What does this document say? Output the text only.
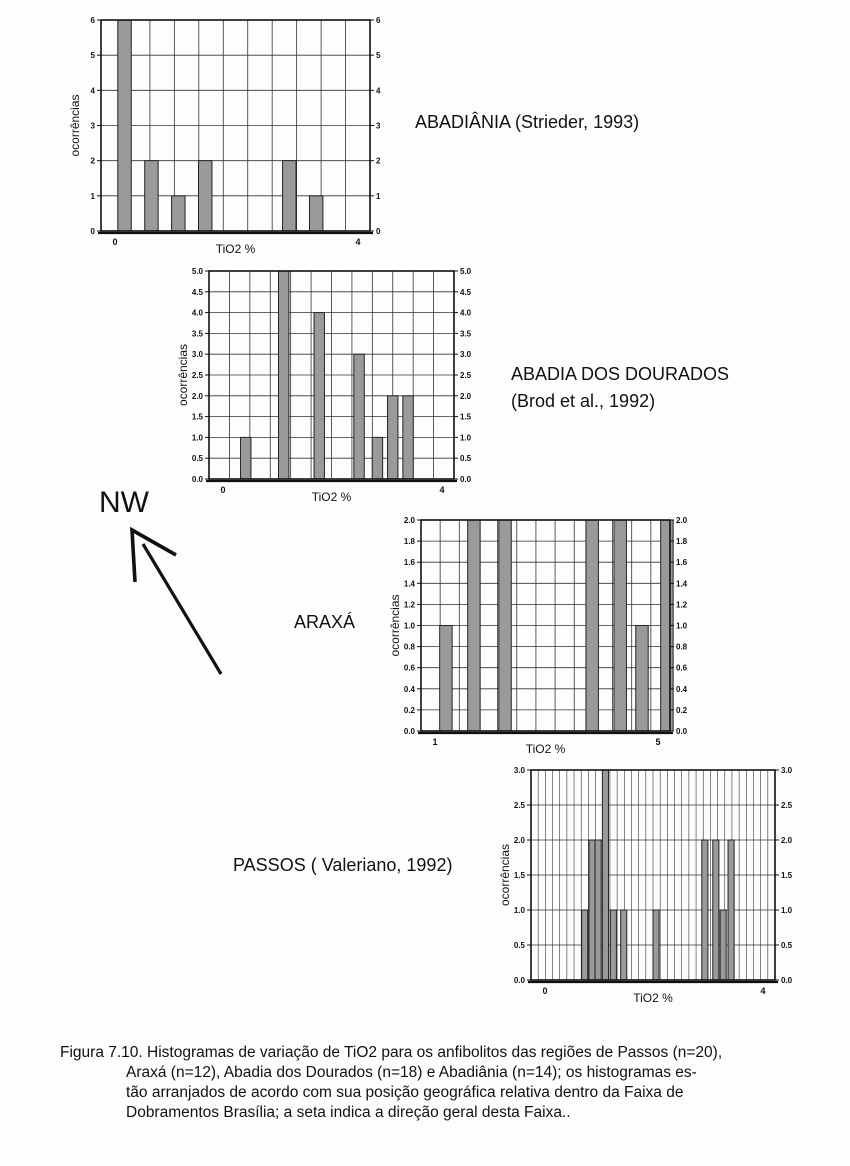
0	0
1	1
2	2
3	3
4	4
5	5
6	6
0	4
TiO2 %
ocorrências	ABADIÂNIA (Strieder, 1993)
0.0	0.0
0.5	0.5
1.0	1.0
1.5	1.5
2.0	2.0
2.5	2.5
3.0	3.0
3.5	3.5
4.0	4.0
4.5	4.5
5.0	5.0
0	4
TiO2 %
ocorrências	ABADIA DOS DOURADOS
(Brod et al., 1992)
0.0	0.0
0.2	0.2
0.4	0.4
0.6	0.6
0.8	0.8
1.0	1.0
1.2	1.2
1.4	1.4
1.6	1.6
1.8	1.8
2.0	2.0
1	5
TiO2 %
ocorrências
ARAXÁ
0.0	0.0
0.5	0.5
1.0	1.0
1.5	1.5
2.0	2.0
2.5	2.5
3.0	3.0
0	4
TiO2 %
ocorrências
PASSOS ( Valeriano, 1992)
NW
Figura 7.10. Histogramas de variação de TiO2 para os anfibolitos das regiões de Passos (n=20),
Araxá (n=12), Abadia dos Dourados (n=18) e Abadiânia (n=14); os histogramas es-
tão arranjados de acordo com sua posição geográfica relativa dentro da Faixa de
Dobramentos Brasília; a seta indica a direção geral desta Faixa..
